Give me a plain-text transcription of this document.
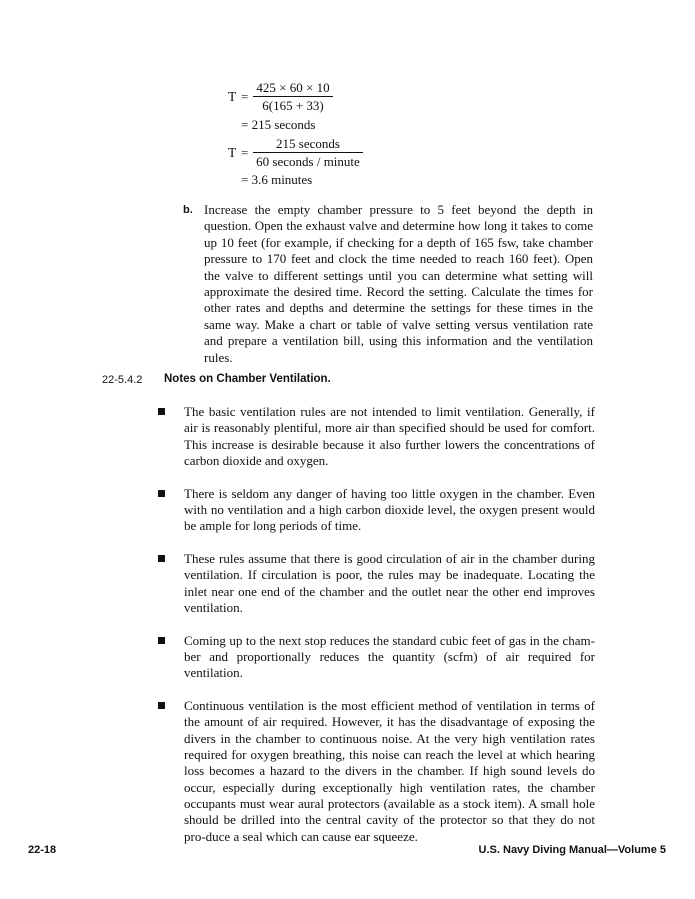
$T = \frac{425 \times 60 \times 10}{6(165 + 33)}$
= 215 seconds
T =
215 seconds
60 seconds / minute
= 3.6 minutes
b. Increase the empty chamber pressure to 5 feet beyond the depth in question. Open the exhaust valve and determine how long it takes to come up 10 feet (for example, if checking for a depth of 165 fsw, take chamber pressure to 170 feet and clock the time needed to reach 160 feet). Open the valve to different settings until you can determine what setting will approximate the desired time. Record the setting. Calculate the times for other rates and depths and determine the settings for these times in the same way. Make a chart or table of valve setting versus ventilation rate and prepare a ventilation bill, using this information and the ventilation rules.
22-5.4.2 Notes on Chamber Ventilation.
The basic ventilation rules are not intended to limit ventilation. Generally, if air is reasonably plentiful, more air than specified should be used for comfort. This increase is desirable because it also further lowers the concentrations of carbon dioxide and oxygen.
There is seldom any danger of having too little oxygen in the chamber. Even with no ventilation and a high carbon dioxide level, the oxygen present would be ample for long periods of time.
These rules assume that there is good circulation of air in the chamber during ventilation. If circulation is poor, the rules may be inadequate. Locating the inlet near one end of the chamber and the outlet near the other end improves ventilation.
Coming up to the next stop reduces the standard cubic feet of gas in the cham-ber and proportionally reduces the quantity (scfm) of air required for ventilation.
Continuous ventilation is the most efficient method of ventilation in terms of the amount of air required. However, it has the disadvantage of exposing the divers in the chamber to continuous noise. At the very high ventilation rates required for oxygen breathing, this noise can reach the level at which hearing loss becomes a hazard to the divers in the chamber. If high sound levels do occur, especially during exceptionally high ventilation rates, the chamber occupants must wear aural protectors (available as a stock item). A small hole should be drilled into the central cavity of the protector so that they do not pro-duce a seal which can cause ear squeeze.
22-18	U.S. Navy Diving Manual—Volume 5
